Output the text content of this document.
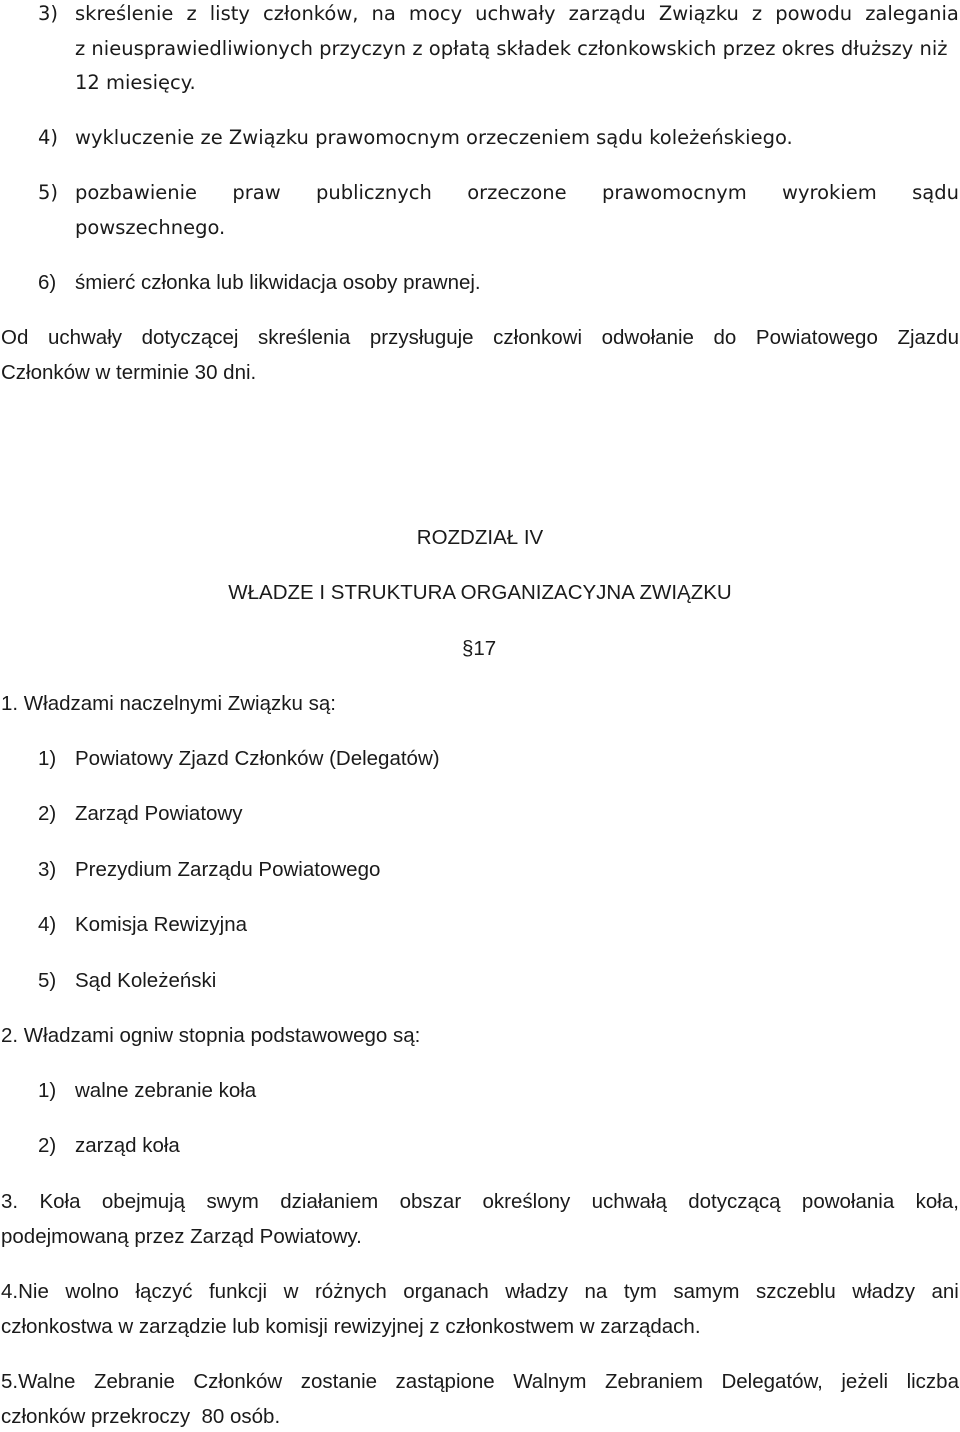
3) skreślenie z listy członków, na mocy uchwały zarządu Związku z powodu zalegania
z nieusprawiedliwionych przyczyn z opłatą składek członkowskich przez okres dłuższy niż
12 miesięcy.
4) wykluczenie ze Związku prawomocnym orzeczeniem sądu koleżeńskiego.
5) pozbawienie praw publicznych orzeczone prawomocnym wyrokiem sądu
powszechnego.
6) śmierć członka lub likwidacja osoby prawnej.
Od uchwały dotyczącej skreślenia przysługuje członkowi odwołanie do Powiatowego Zjazdu
Członków w terminie 30 dni.
ROZDZIAŁ IV
WŁADZE I STRUKTURA ORGANIZACYJNA ZWIĄZKU
§17
1. Władzami naczelnymi Związku są:
1) Powiatowy Zjazd Członków (Delegatów)
2) Zarząd Powiatowy
3) Prezydium Zarządu Powiatowego
4) Komisja Rewizyjna
5) Sąd Koleżeński
2. Władzami ogniw stopnia podstawowego są:
1) walne zebranie koła
2) zarząd koła
3. Koła obejmują swym działaniem obszar określony uchwałą dotyczącą powołania koła,
podejmowaną przez Zarząd Powiatowy.
4.Nie wolno łączyć funkcji w różnych organach władzy na tym samym szczeblu władzy ani
członkostwa w zarządzie lub komisji rewizyjnej z członkostwem w zarządach.
5.Walne Zebranie Członków zostanie zastąpione Walnym Zebraniem Delegatów, jeżeli liczba
członków przekroczy  80 osób.
